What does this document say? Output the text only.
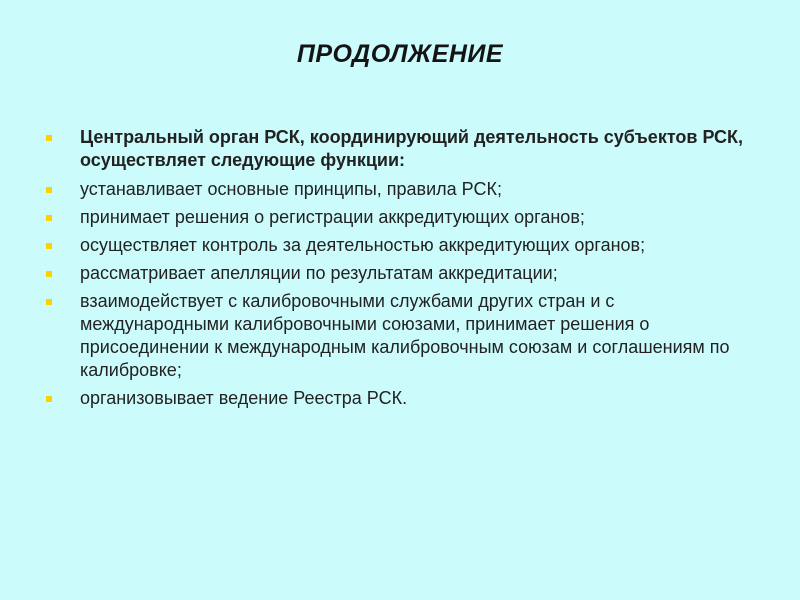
ПРОДОЛЖЕНИЕ
Центральный орган РСК, координирующий деятельность субъектов РСК, осуществляет следующие функции:
устанавливает основные принципы, правила РСК;
принимает решения о регистрации аккредитующих органов;
осуществляет контроль за деятельностью аккредитующих органов;
рассматривает апелляции по результатам аккредитации;
взаимодействует с калибровочными службами других стран и с международными калибровочными союзами, принимает решения о присоединении к международным калибровочным союзам и соглашениям по калибровке;
организовывает ведение Реестра РСК.
